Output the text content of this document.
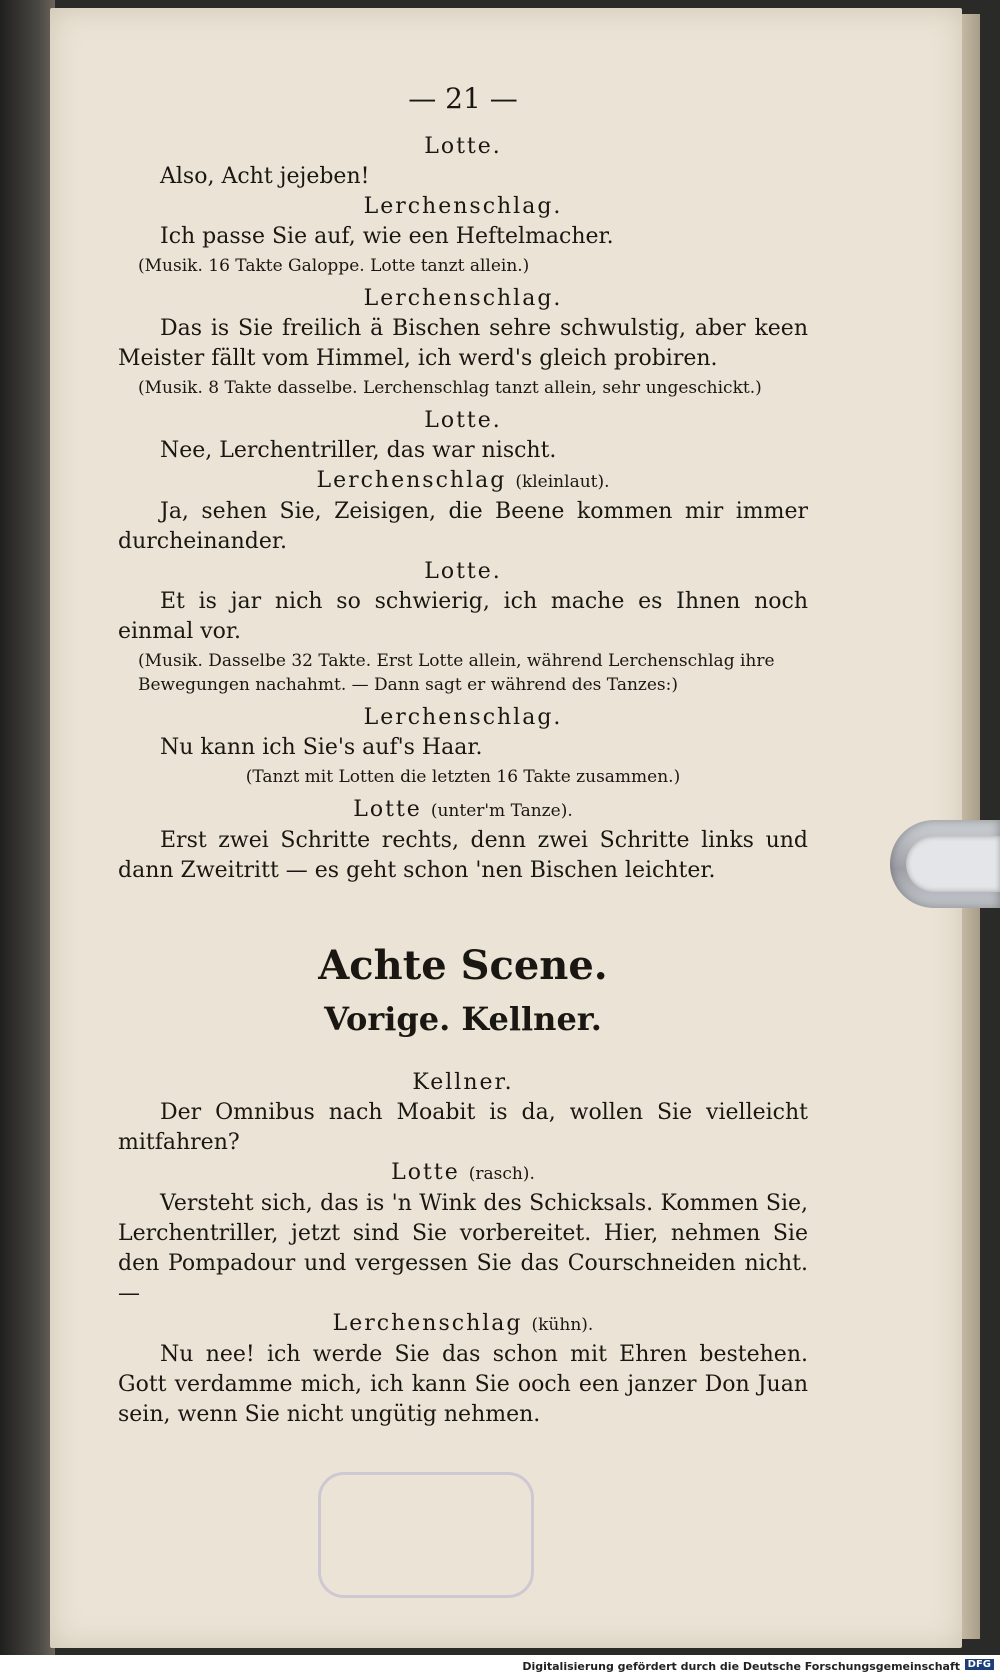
— 21 —
Lotte.
Also, Acht jejeben!
Lerchenschlag.
Ich passe Sie auf, wie een Heftelmacher.
(Musik. 16 Takte Galoppe. Lotte tanzt allein.)
Lerchenschlag.
Das is Sie freilich ä Bischen sehre schwulstig, aber keen Meister fällt vom Himmel, ich werd's gleich probiren.
(Musik. 8 Takte dasselbe. Lerchenschlag tanzt allein, sehr ungeschickt.)
Lotte.
Nee, Lerchentriller, das war nischt.
Lerchenschlag (kleinlaut).
Ja, sehen Sie, Zeisigen, die Beene kommen mir immer durcheinander.
Lotte.
Et is jar nich so schwierig, ich mache es Ihnen noch einmal vor.
(Musik. Dasselbe 32 Takte. Erst Lotte allein, während Lerchenschlag ihre Bewegungen nachahmt. — Dann sagt er während des Tanzes:)
Lerchenschlag.
Nu kann ich Sie's auf's Haar.
(Tanzt mit Lotten die letzten 16 Takte zusammen.)
Lotte (unter'm Tanze).
Erst zwei Schritte rechts, denn zwei Schritte links und dann Zweitritt — es geht schon 'nen Bischen leichter.
Achte Scene.
Vorige. Kellner.
Kellner.
Der Omnibus nach Moabit is da, wollen Sie vielleicht mitfahren?
Lotte (rasch).
Versteht sich, das is 'n Wink des Schicksals. Kommen Sie, Lerchentriller, jetzt sind Sie vorbereitet. Hier, nehmen Sie den Pompadour und vergessen Sie das Courschneiden nicht. —
Lerchenschlag (kühn).
Nu nee! ich werde Sie das schon mit Ehren bestehen. Gott verdamme mich, ich kann Sie ooch een janzer Don Juan sein, wenn Sie nicht ungütig nehmen.
Digitalisierung gefördert durch die Deutsche Forschungsgemeinschaft DFG
